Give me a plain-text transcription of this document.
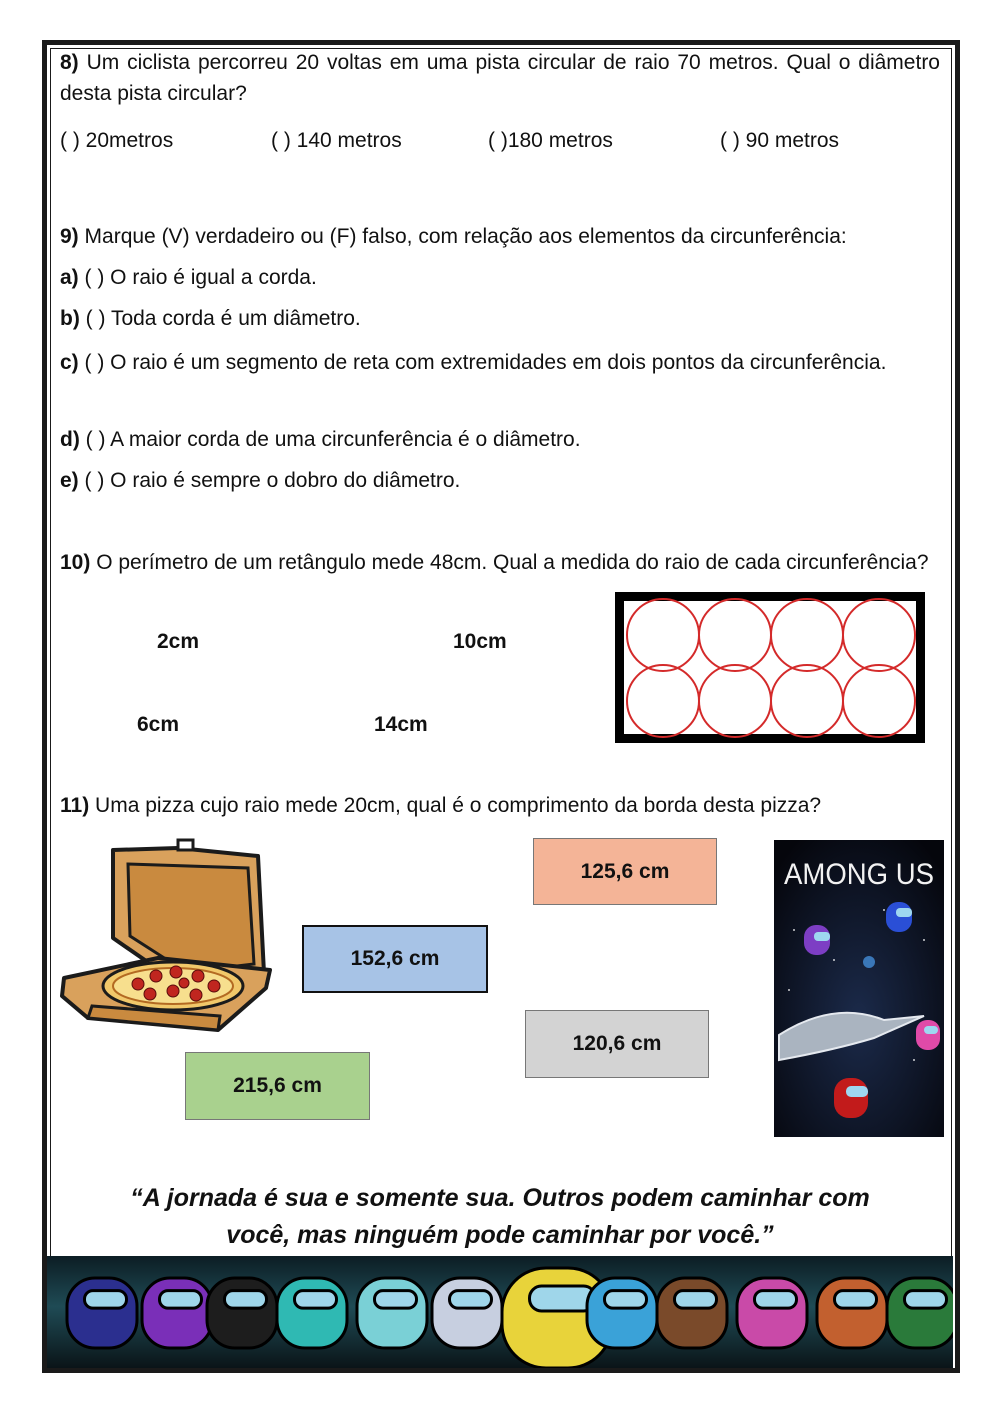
8) Um ciclista percorreu 20 voltas em uma pista circular de raio 70 metros. Qual o diâmetro desta pista circular?
( ) 20metros	( ) 140 metros	( )180 metros	( ) 90 metros
9) Marque (V) verdadeiro ou (F) falso, com relação aos elementos da circunferência:
a) ( ) O raio é igual a corda.
b) ( ) Toda corda é um diâmetro.
c) ( ) O raio é um segmento de reta com extremidades em dois pontos da circunferência.
d) ( ) A maior corda de uma circunferência é o diâmetro.
e) ( ) O raio é sempre o dobro do diâmetro.
10) O perímetro de um retângulo mede 48cm. Qual a medida do raio de cada circunferência?
2cm	10cm
6cm	14cm
11) Uma pizza cujo raio mede 20cm, qual é o comprimento da borda desta pizza?
125,6 cm
152,6 cm
120,6 cm
215,6 cm
AMONG US
“A jornada é sua e somente sua. Outros podem caminhar com
você, mas ninguém pode caminhar por você.”
